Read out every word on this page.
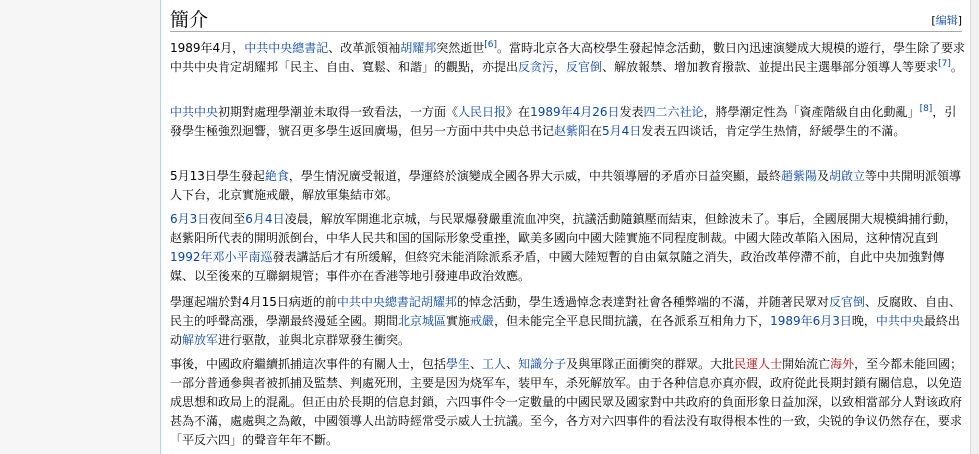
簡介	[编辑]

1989年4月，中共中央總書記、改革派領袖胡耀邦突然逝世[6]。當時北京各大高校學生發起悼念活動，數日內迅速演變成大規模的遊行，學生除了要求中共中央肯定胡耀邦「民主、自由、寬鬆、和諧」的觀點，亦提出反贪污，反官倒、解放報禁、增加教育撥款、並提出民主選舉部分領導人等要求[7]。

中共中央初期對處理學潮並未取得一致看法，一方面《人民日报》在1989年4月26日发表四二六社论，將學潮定性為「資產階級自由化動亂」[8]，引發學生極強烈迴響，號召更多學生返回廣場，但另一方面中共中央总书记赵紫阳在5月4日发表五四谈话，肯定学生热情，紓緩學生的不滿。

5月13日學生發起絶食，學生情況廣受報道，學運終於演變成全國各界大示威，中共領導層的矛盾亦日益突顯，最終趙紫陽及胡啟立等中共開明派領導人下台，北京實施戒嚴，解放軍集結市郊。

6月3日夜间至6月4日凌晨，解放军開進北京城，与民眾爆發嚴重流血冲突，抗議活動隨鎮壓而結束，但餘波未了。事后，全國展開大規模緝捕行動，赵紫阳所代表的開明派倒台，中华人民共和国的国际形象受重挫，歐美多國向中國大陸實施不同程度制裁。中國大陸改革陷入困局，这种情况直到1992年邓小平南巡發表講話后才有所缓解，但終究未能消除派系矛盾，中國大陸短暫的自由氣氛隨之消失，政治改革停滯不前，自此中央加強對傳媒、以至後來的互聯網規管；事件亦在香港等地引發連串政治效應。

學運起端於對4月15日病逝的前中共中央總書記胡耀邦的悼念活動，學生透過悼念表達對社會各種弊端的不滿，并随著民眾对反官倒、反腐敗、自由、民主的呼聲高漲，學潮最終漫延全國。期間北京城區實施戒嚴，但未能完全平息民間抗議，在各派系互相角力下，1989年6月3日晚，中共中央最終出动解放军进行驱散，並與北京群眾發生衝突。

事後，中國政府繼續抓捕這次事件的有關人士，包括學生、工人、知識分子及與軍隊正面衝突的群眾。大批民運人士開始流亡海外，至今都未能回國；一部分普通參與者被抓捕及監禁、判處死刑，主要是因为烧军车，装甲车，杀死解放军。由于各种信息亦真亦假，政府從此長期封鎖有關信息，以免造成思想和政局上的混亂。但正由於長期的信息封鎖，六四事件令一定數量的中國民眾及國家對中共政府的負面形象日益加深，以致相當部分人對该政府甚為不滿，處處與之為敵，中國領導人出訪時經常受示威人士抗議。至今，各方对六四事件的看法没有取得根本性的一致，尖锐的争议仍然存在，要求「平反六四」的聲音年年不斷。
